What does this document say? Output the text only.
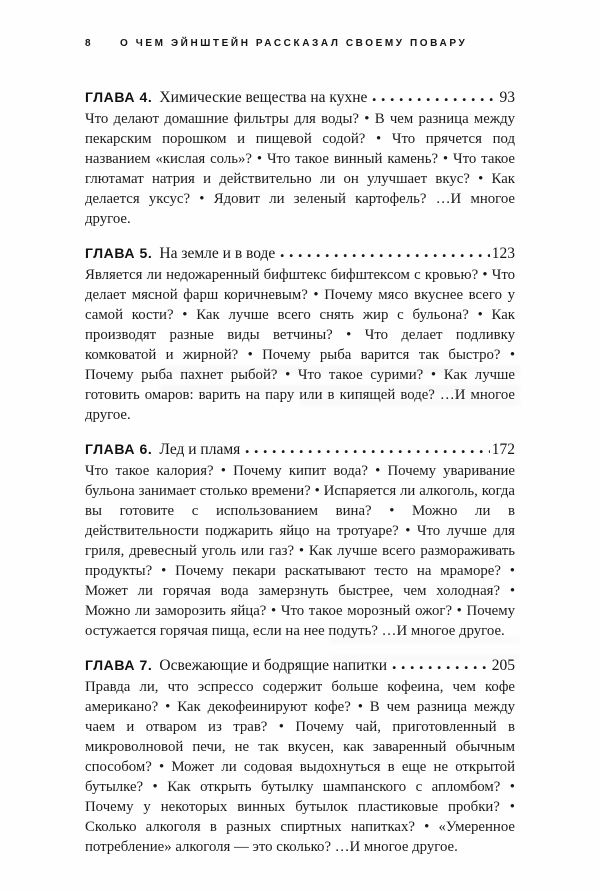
8	О ЧЕМ ЭЙНШТЕЙН РАССКАЗАЛ СВОЕМУ ПОВАРУ
ГЛАВА 4. Химические вещества на кухне	93

Что делают домашние фильтры для воды? • В чем разница между пекарским порошком и пищевой содой? • Что прячется под названием «кислая соль»? • Что такое винный камень? • Что такое глютамат натрия и действительно ли он улучшает вкус? • Как делается уксус? • Ядовит ли зеленый картофель? …И многое другое.

ГЛАВА 5. На земле и в воде	123

Является ли недожаренный бифштекс бифштексом с кровью? • Что делает мясной фарш коричневым? • Почему мясо вкуснее всего у самой кости? • Как лучше всего снять жир с бульона? • Как производят разные виды ветчины? • Что делает подливку комковатой и жирной? • Почему рыба варится так быстро? • Почему рыба пахнет рыбой? • Что такое сурими? • Как лучше готовить омаров: варить на пару или в кипящей воде? …И многое другое.

ГЛАВА 6. Лед и пламя	172

Что такое калория? • Почему кипит вода? • Почему уваривание бульона занимает столько времени? • Испаряется ли алкоголь, когда вы готовите с использованием вина? • Можно ли в действительности поджарить яйцо на тротуаре? • Что лучше для гриля, древесный уголь или газ? • Как лучше всего размораживать продукты? • Почему пекари раскатывают тесто на мраморе? • Может ли горячая вода замерзнуть быстрее, чем холодная? • Можно ли заморозить яйца? • Что такое морозный ожог? • Почему остужается горячая пища, если на нее подуть? …И многое другое.

ГЛАВА 7. Освежающие и бодрящие напитки	205

Правда ли, что эспрессо содержит больше кофеина, чем кофе американо? • Как декофеинируют кофе? • В чем разница между чаем и отваром из трав? • Почему чай, приготовленный в микроволновой печи, не так вкусен, как заваренный обычным способом? • Может ли содовая выдохнуться в еще не открытой бутылке? • Как открыть бутылку шампанского с апломбом? • Почему у некоторых винных бутылок пластиковые пробки? • Сколько алкоголя в разных спиртных напитках? • «Умеренное потребление» алкоголя — это сколько? …И многое другое.
